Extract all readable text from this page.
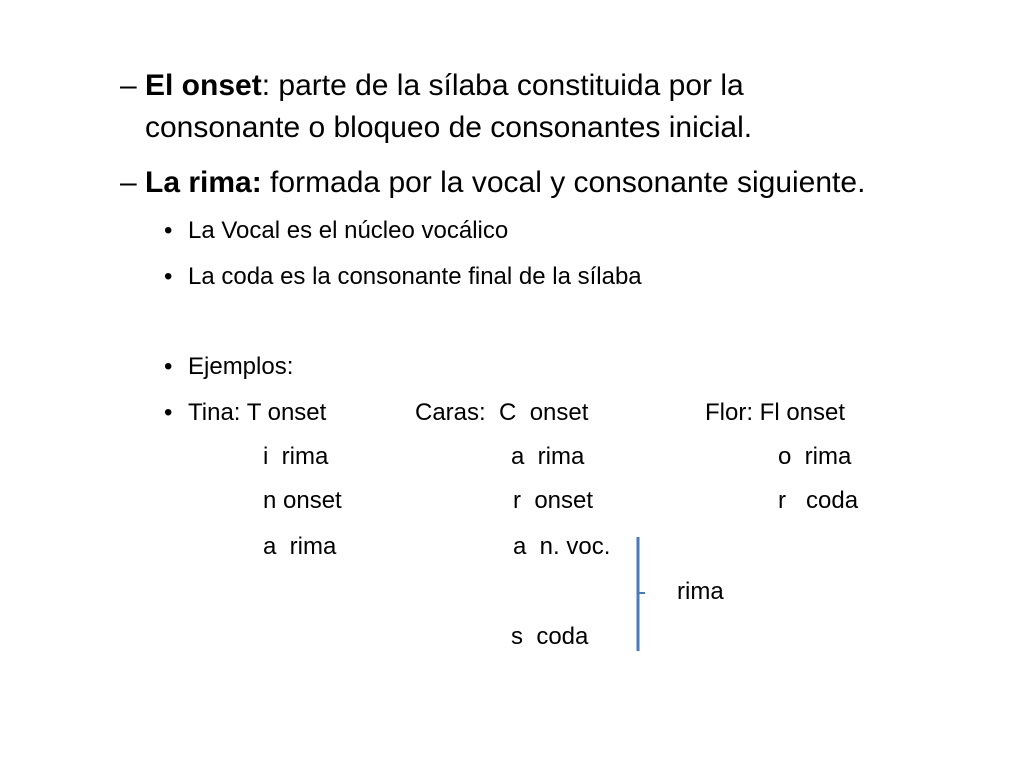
– El onset: parte de la sílaba constituida por la
consonante o bloqueo de consonantes inicial.
– La rima: formada por la vocal y consonante siguiente.
• La Vocal es el núcleo vocálico
• La coda es la consonante final de la sílaba
• Ejemplos:
• Tina: T onset
i  rima
n onset
a  rima
Caras:  C  onset
a  rima
r  onset
a  n. voc.
s  coda
rima
Flor: Fl onset
o  rima
r   coda
